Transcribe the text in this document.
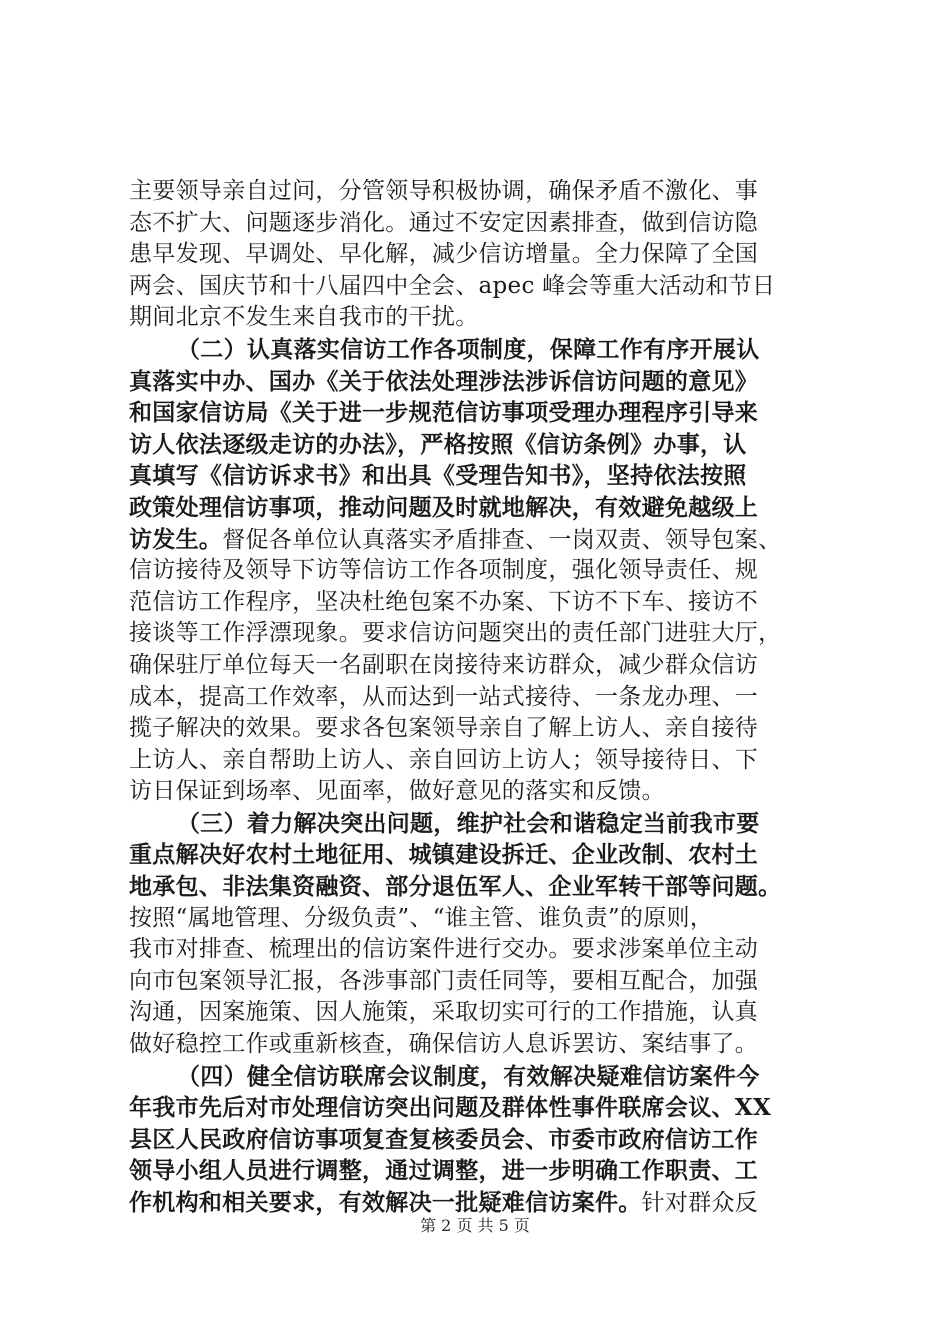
主要领导亲自过问，分管领导积极协调，确保矛盾不激化、事
态不扩大、问题逐步消化。通过不安定因素排查，做到信访隐
患早发现、早调处、早化解，减少信访增量。全力保障了全国
两会、国庆节和十八届四中全会、apec 峰会等重大活动和节日
期间北京不发生来自我市的干扰。
（二）认真落实信访工作各项制度，保障工作有序开展认
真落实中办、国办《关于依法处理涉法涉诉信访问题的意见》
和国家信访局《关于进一步规范信访事项受理办理程序引导来
访人依法逐级走访的办法》，严格按照《信访条例》办事，认
真填写《信访诉求书》和出具《受理告知书》，坚持依法按照
政策处理信访事项，推动问题及时就地解决，有效避免越级上
访发生。督促各单位认真落实矛盾排查、一岗双责、领导包案、
信访接待及领导下访等信访工作各项制度，强化领导责任、规
范信访工作程序，坚决杜绝包案不办案、下访不下车、接访不
接谈等工作浮漂现象。要求信访问题突出的责任部门进驻大厅，
确保驻厅单位每天一名副职在岗接待来访群众，减少群众信访
成本，提高工作效率，从而达到一站式接待、一条龙办理、一
揽子解决的效果。要求各包案领导亲自了解上访人、亲自接待
上访人、亲自帮助上访人、亲自回访上访人；领导接待日、下
访日保证到场率、见面率，做好意见的落实和反馈。
（三）着力解决突出问题，维护社会和谐稳定当前我市要
重点解决好农村土地征用、城镇建设拆迁、企业改制、农村土
地承包、非法集资融资、部分退伍军人、企业军转干部等问题。
按照“属地管理、分级负责”、“谁主管、谁负责”的原则，
我市对排查、梳理出的信访案件进行交办。要求涉案单位主动
向市包案领导汇报，各涉事部门责任同等，要相互配合，加强
沟通，因案施策、因人施策，采取切实可行的工作措施，认真
做好稳控工作或重新核查，确保信访人息诉罢访、案结事了。
（四）健全信访联席会议制度，有效解决疑难信访案件今
年我市先后对市处理信访突出问题及群体性事件联席会议、XX
县区人民政府信访事项复查复核委员会、市委市政府信访工作
领导小组人员进行调整，通过调整，进一步明确工作职责、工
作机构和相关要求，有效解决一批疑难信访案件。针对群众反
第 2 页 共 5 页
